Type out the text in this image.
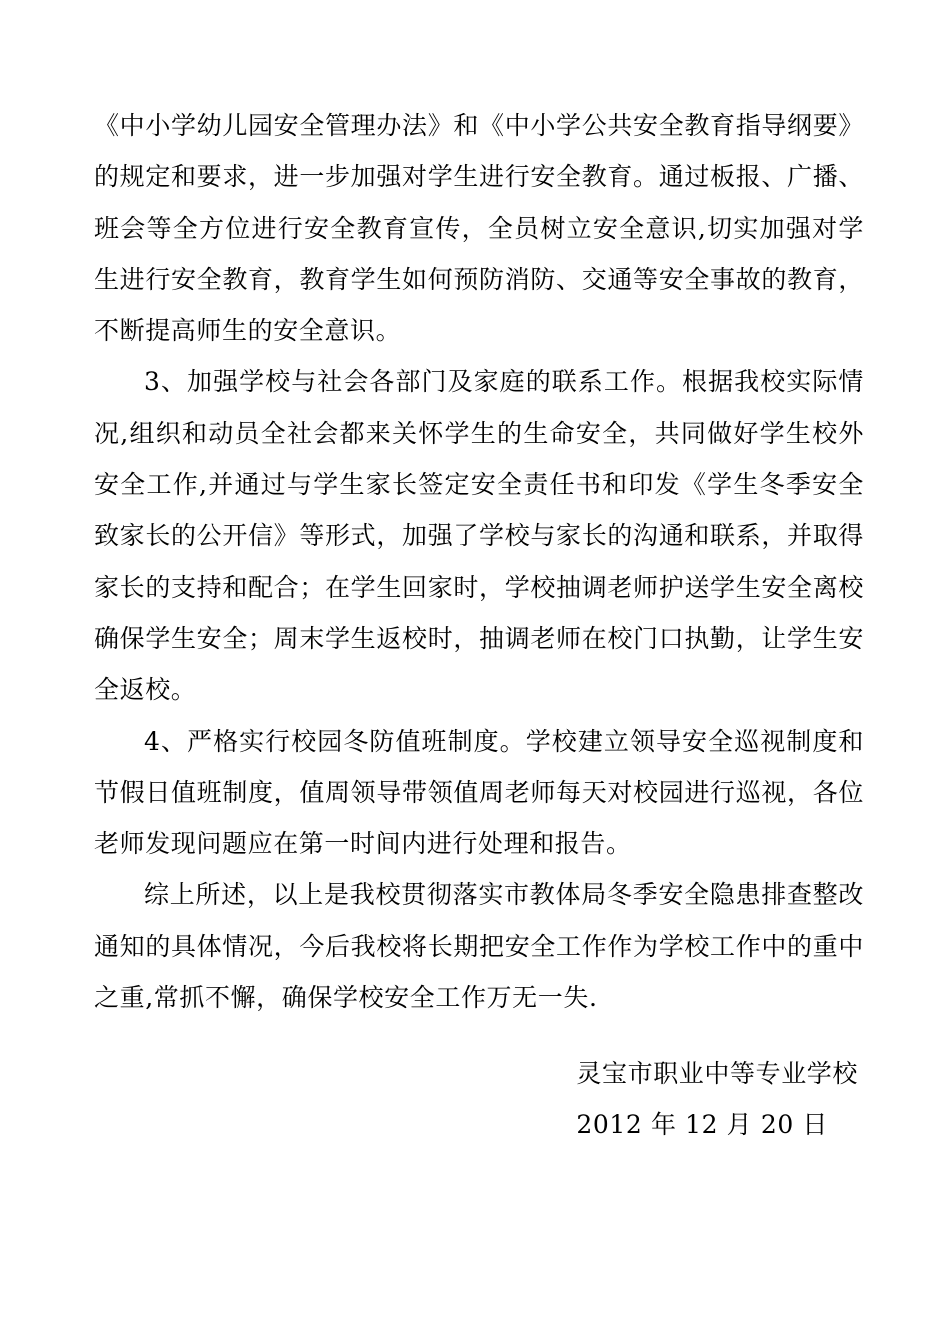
《中小学幼儿园安全管理办法》和《中小学公共安全教育指导纲要》的规定和要求，进一步加强对学生进行安全教育。通过板报、广播、班会等全方位进行安全教育宣传，全员树立安全意识,切实加强对学生进行安全教育，教育学生如何预防消防、交通等安全事故的教育，不断提高师生的安全意识。

3、加强学校与社会各部门及家庭的联系工作。根据我校实际情况,组织和动员全社会都来关怀学生的生命安全，共同做好学生校外安全工作,并通过与学生家长签定安全责任书和印发《学生冬季安全致家长的公开信》等形式，加强了学校与家长的沟通和联系，并取得家长的支持和配合；在学生回家时，学校抽调老师护送学生安全离校确保学生安全；周末学生返校时，抽调老师在校门口执勤，让学生安全返校。

4、严格实行校园冬防值班制度。学校建立领导安全巡视制度和节假日值班制度，值周领导带领值周老师每天对校园进行巡视，各位老师发现问题应在第一时间内进行处理和报告。

综上所述，以上是我校贯彻落实市教体局冬季安全隐患排查整改通知的具体情况，今后我校将长期把安全工作作为学校工作中的重中之重,常抓不懈，确保学校安全工作万无一失.

灵宝市职业中等专业学校
2012 年 12 月 20 日
